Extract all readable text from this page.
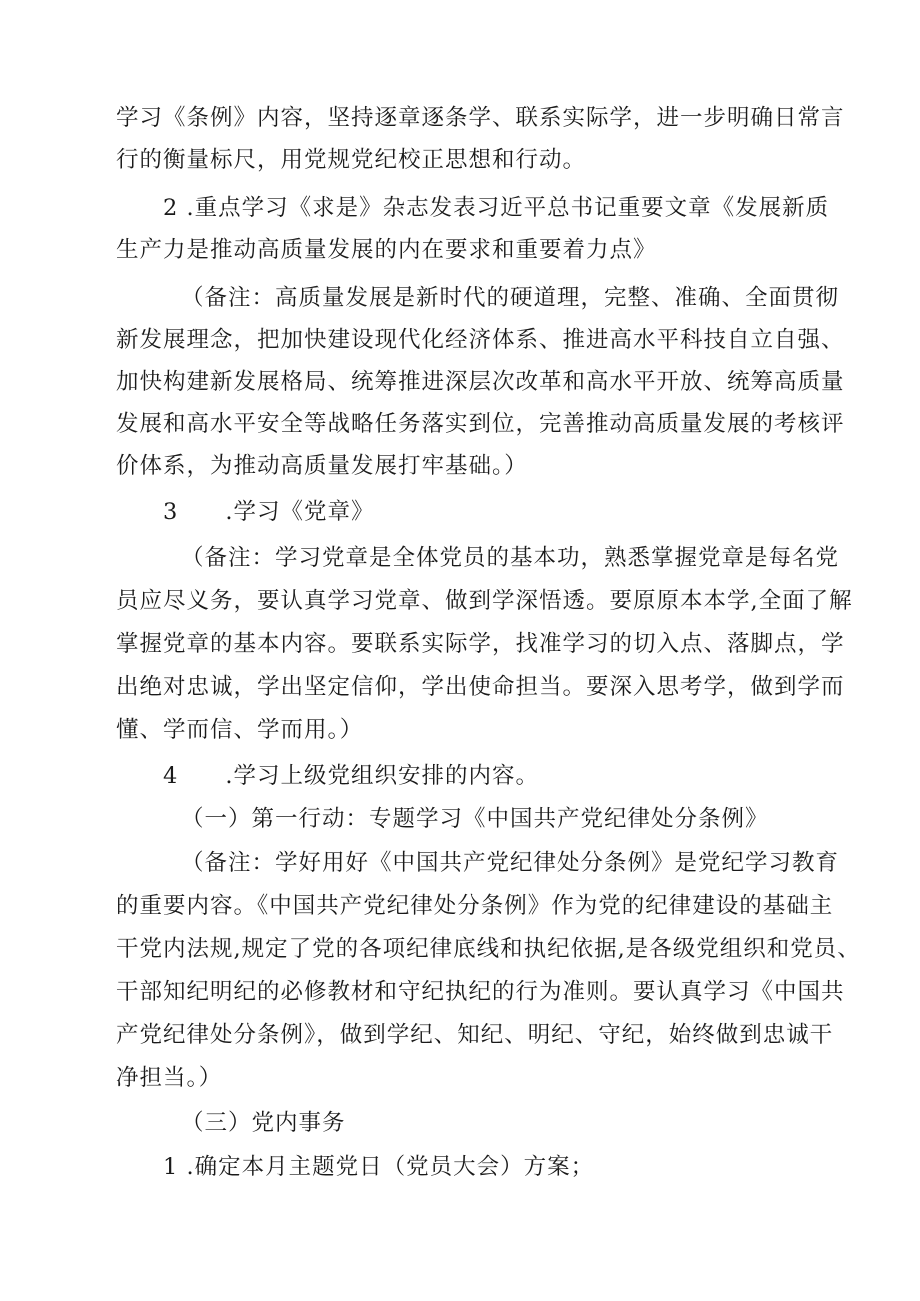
学习《条例》内容，坚持逐章逐条学、联系实际学，进一步明确日常言
行的衡量标尺，用党规党纪校正思想和行动。
2 .重点学习《求是》杂志发表习近平总书记重要文章《发展新质
生产力是推动高质量发展的内在要求和重要着力点》
（备注：高质量发展是新时代的硬道理，完整、准确、全面贯彻
新发展理念，把加快建设现代化经济体系、推进高水平科技自立自强、
加快构建新发展格局、统筹推进深层次改革和高水平开放、统筹高质量
发展和高水平安全等战略任务落实到位，完善推动高质量发展的考核评
价体系，为推动高质量发展打牢基础。）
3  .学习《党章》
（备注：学习党章是全体党员的基本功，熟悉掌握党章是每名党
员应尽义务，要认真学习党章、做到学深悟透。要原原本本学,全面了解
掌握党章的基本内容。要联系实际学，找准学习的切入点、落脚点，学
出绝对忠诚，学出坚定信仰，学出使命担当。要深入思考学，做到学而
懂、学而信、学而用。）
4  .学习上级党组织安排的内容。
（一）第一行动：专题学习《中国共产党纪律处分条例》
（备注：学好用好《中国共产党纪律处分条例》是党纪学习教育
的重要内容。《中国共产党纪律处分条例》作为党的纪律建设的基础主
干党内法规,规定了党的各项纪律底线和执纪依据,是各级党组织和党员、
干部知纪明纪的必修教材和守纪执纪的行为准则。要认真学习《中国共
产党纪律处分条例》，做到学纪、知纪、明纪、守纪，始终做到忠诚干
净担当。）
（三）党内事务
1 .确定本月主题党日（党员大会）方案；
